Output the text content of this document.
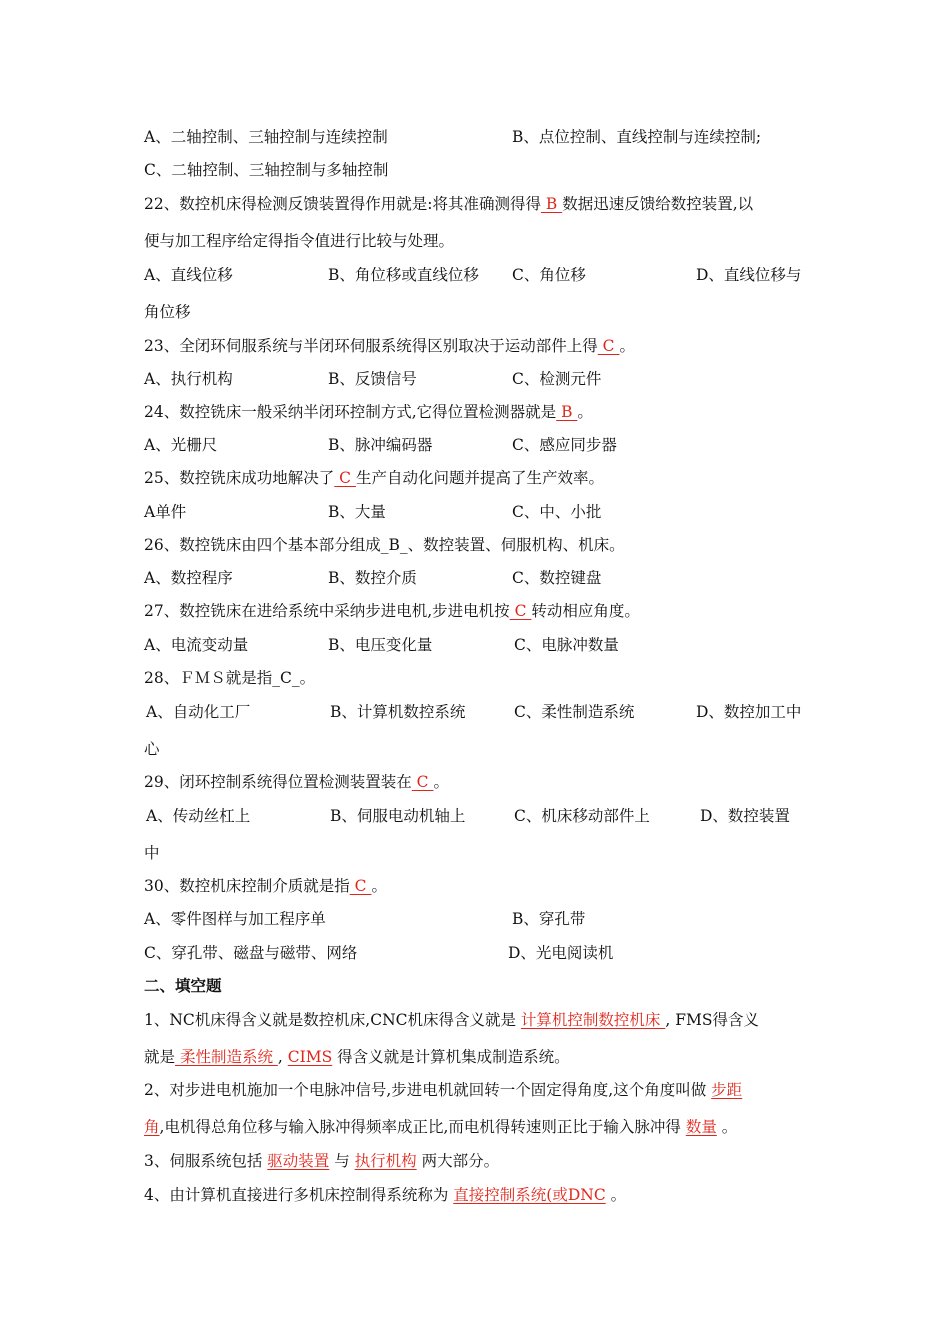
A、二轴控制、三轴控制与连续控制	B、点位控制、直线控制与连续控制;
C、二轴控制、三轴控制与多轴控制
22、数控机床得检测反馈装置得作用就是:将其准确测得得 B 数据迅速反馈给数控装置,以
便与加工程序给定得指令值进行比较与处理。
A、直线位移	B、角位移或直线位移 C、角位移	D、直线位移与
角位移
23、全闭环伺服系统与半闭环伺服系统得区别取决于运动部件上得 C 。
A、执行机构	B、反馈信号	C、检测元件
24、数控铣床一般采纳半闭环控制方式,它得位置检测器就是 B 。
A、光栅尺	B、脉冲编码器	C、感应同步器
25、数控铣床成功地解决了 C 生产自动化问题并提高了生产效率。
A单件	B、大量	C、中、小批
26、数控铣床由四个基本部分组成_B_、数控装置、伺服机构、机床。
A、数控程序	B、数控介质	C、数控键盘
27、数控铣床在进给系统中采纳步进电机,步进电机按 C 转动相应角度。
A、电流变动量	B、电压变化量	C、电脉冲数量
28、ＦＭＳ就是指_C_。
A、自动化工厂	B、计算机数控系统	C、柔性制造系统	D、数控加工中
心
29、闭环控制系统得位置检测装置装在 C 。
A、传动丝杠上	B、伺服电动机轴上	C、机床移动部件上	D、数控装置
中
30、数控机床控制介质就是指 C 。
A、零件图样与加工程序单	B、穿孔带
C、穿孔带、磁盘与磁带、网络	D、光电阅读机
二、填空题
1、NC机床得含义就是数控机床,CNC机床得含义就是 计算机控制数控机床 , FMS得含义
就是 柔性制造系统 , CIMS 得含义就是计算机集成制造系统。
2、对步进电机施加一个电脉冲信号,步进电机就回转一个固定得角度,这个角度叫做 步距
角,电机得总角位移与输入脉冲得频率成正比,而电机得转速则正比于输入脉冲得 数量 。
3、伺服系统包括 驱动装置 与 执行机构 两大部分。
4、由计算机直接进行多机床控制得系统称为 直接控制系统(或DNC 。
